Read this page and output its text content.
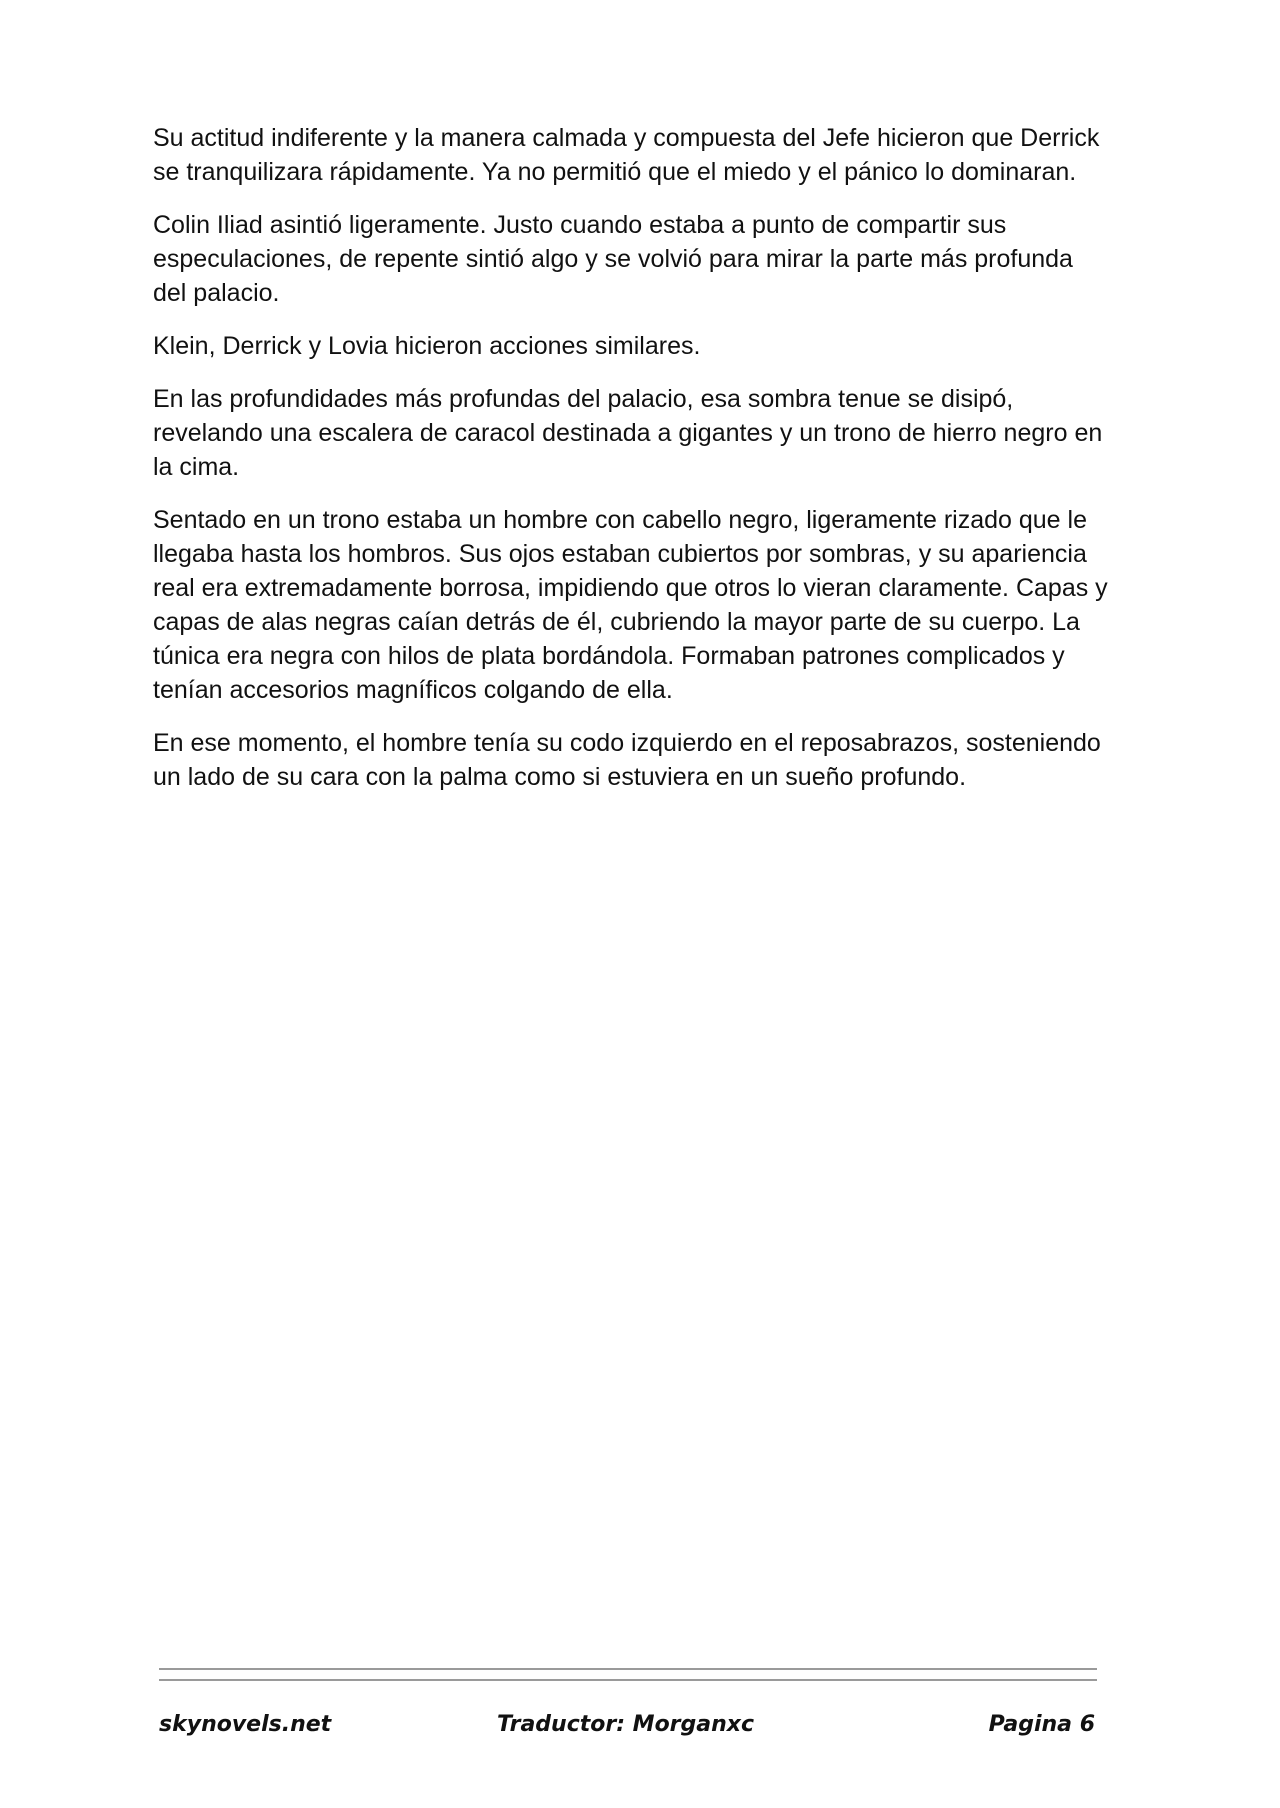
Su actitud indiferente y la manera calmada y compuesta del Jefe hicieron que Derrick se tranquilizara rápidamente. Ya no permitió que el miedo y el pánico lo dominaran.

Colin Iliad asintió ligeramente. Justo cuando estaba a punto de compartir sus especulaciones, de repente sintió algo y se volvió para mirar la parte más profunda del palacio.

Klein, Derrick y Lovia hicieron acciones similares.

En las profundidades más profundas del palacio, esa sombra tenue se disipó, revelando una escalera de caracol destinada a gigantes y un trono de hierro negro en la cima.

Sentado en un trono estaba un hombre con cabello negro, ligeramente rizado que le llegaba hasta los hombros. Sus ojos estaban cubiertos por sombras, y su apariencia real era extremadamente borrosa, impidiendo que otros lo vieran claramente. Capas y capas de alas negras caían detrás de él, cubriendo la mayor parte de su cuerpo. La túnica era negra con hilos de plata bordándola. Formaban patrones complicados y tenían accesorios magníficos colgando de ella.

En ese momento, el hombre tenía su codo izquierdo en el reposabrazos, sosteniendo un lado de su cara con la palma como si estuviera en un sueño profundo.

skynovels.net	Traductor: Morganxc	Pagina 6
